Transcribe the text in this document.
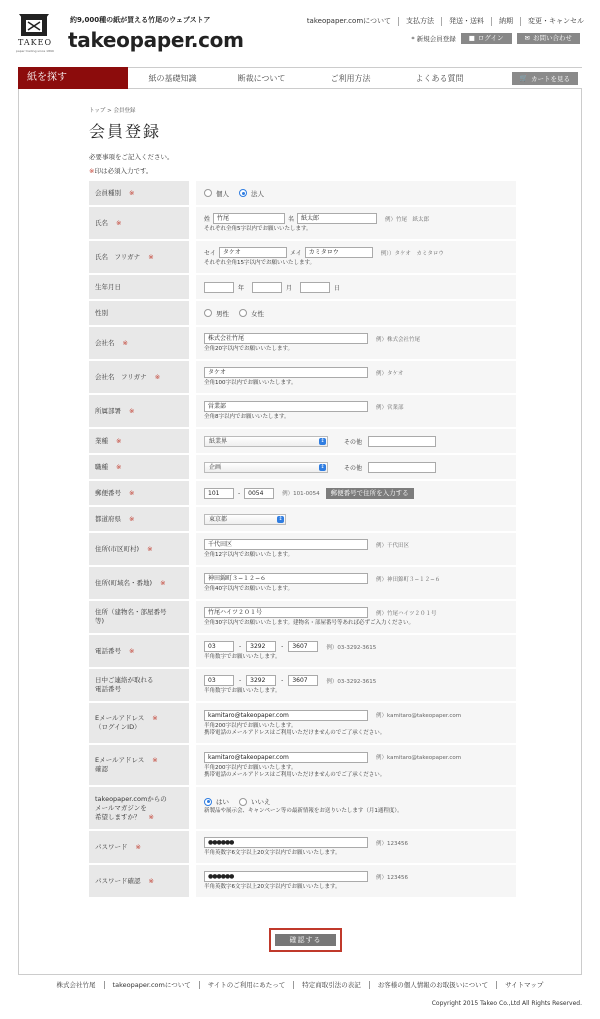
TAKEO
paper trading since 1899
約9,000種の紙が買える竹尾のウェブストア
takeopaper.com
takeopaper.comについて	支払方法	発送・送料	納期	変更・キャンセル
* 新規会員登録 ■ ログイン	✉ お問い合わせ
紙を探す	紙の基礎知識	断裁について	ご利用方法	よくある質問	🛒 カートを見る
トップ > 会員登録
会員登録
必要事項をご記入ください。
※印は必須入力です。
会員種別 ※	個人	法人
氏名 ※	姓	竹尾	名	紙太郎	例）竹尾　紙太郎
それぞれ全角5字以内でお願いいたします。
氏名　フリガナ ※	セイ	タケオ	メイ	カミタロウ	例））タケオ　カミタロウ
それぞれ全角15字以内でお願いいたします。
生年月日	年	月	日
性別	男性	女性
会社名 ※	株式会社竹尾	例）株式会社竹尾
全角20字以内でお願いいたします。
会社名　フリガナ ※	タケオ	例）タケオ
全角100字以内でお願いいたします。
所属部署 ※	営業部	例）営業部
全角8字以内でお願いいたします。
業種 ※	紙業界	↕	その他
職種 ※	企画	↕	その他
郵便番号 ※	101	-	0054	例）101-0054	郵便番号で住所を入力する
都道府県 ※	東京都	↕
住所(市区町村) ※	千代田区	例）千代田区
全角12字以内でお願いいたします。
住所(町域名・番地) ※	神田錦町３−１２−６	例）神田錦町３−１２−６
全角40字以内でお願いいたします。
住所（建物名・部屋番号
等)
竹尾ハイツ２０１号	例）竹尾ハイツ２０１号
全角30字以内でお願いいたします。建物名・部屋番号等あれば必ずご入力ください。
電話番号 ※	03	-	3292	-	3607	例）03-3292-3615
半角数字でお願いいたします。
日中ご連絡が取れる
電話番号
03	-	3292	-	3607	例）03-3292-3615
半角数字でお願いいたします。
Eメールアドレス ※
（ログインID）
kamitaro@takeopaper.com	例）kamitaro@takeopaper.com
半角200字以内でお願いいたします。
携帯電話のメールアドレスはご利用いただけませんのでご了承ください。
Eメールアドレス ※
確認
kamitaro@takeopaper.com	例）kamitaro@takeopaper.com
半角200字以内でお願いいたします。
携帯電話のメールアドレスはご利用いただけませんのでご了承ください。
takeopaper.comからの
メールマガジンを
希望しますか？ ※
はい	いいえ
新製品や展示会、キャンペーン等の最新情報をお送りいたします（月1通程度）。
パスワード ※	●●●●●●	例）123456
半角英数字6文字以上20文字以内でお願いいたします。
パスワード確認 ※	●●●●●●	例）123456
半角英数字6文字以上20文字以内でお願いいたします。
確認する
株式会社竹尾	takeopaper.comについて	サイトのご利用にあたって	特定商取引法の表記	お客様の個人情報のお取扱いについて	サイトマップ
Copyright 2015 Takeo Co.,Ltd All Rights Reserved.
